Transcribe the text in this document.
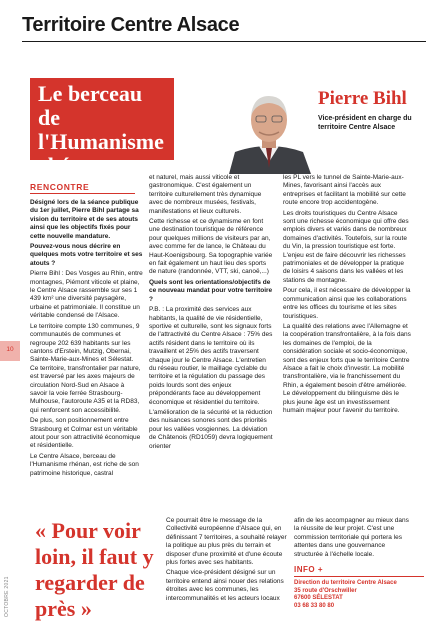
Territoire Centre Alsace
Le berceau
de l'Humanisme
rhénan
Pierre Bihl
Vice-président en charge du territoire Centre Alsace
RENCONTRE
10
OCTOBRE 2021

Désigné lors de la séance publique du 1er juillet, Pierre Bihl partage sa vision du territoire et de ses atouts ainsi que les objectifs fixés pour cette nouvelle mandature.

Pouvez-vous nous décrire en quelques mots votre territoire et ses atouts ?

Pierre Bihl : Des Vosges au Rhin, entre montagnes, Piémont viticole et plaine, le Centre Alsace rassemble sur ses 1 439 km² une diversité paysagère, urbaine et patrimoniale. Il constitue un véritable condensé de l'Alsace.

Le territoire compte 130 communes, 9 communautés de communes et regroupe 202 639 habitants sur les cantons d'Erstein, Mutzig, Obernai, Sainte-Marie-aux-Mines et Sélestat. Ce territoire, transfrontalier par nature, est traversé par les axes majeurs de circulation Nord-Sud en Alsace à savoir la voie ferrée Strasbourg-Mulhouse, l'autoroute A35 et la RD83, qui renforcent son accessibilité.

De plus, son positionnement entre Strasbourg et Colmar est un véritable atout pour son attractivité économique et résidentielle.

Le Centre Alsace, berceau de l'Humanisme rhénan, est riche de son patrimoine historique, castral

et naturel, mais aussi viticole et gastronomique. C'est également un territoire culturellement très dynamique avec de nombreux musées, festivals, manifestations et lieux culturels.

Cette richesse et ce dynamisme en font une destination touristique de référence pour quelques millions de visiteurs par an, avec comme fer de lance, le Château du Haut-Koenigsbourg. Sa topographie variée en fait également un haut lieu des sports de nature (randonnée, VTT, ski, canoë,...)

Quels sont les orientations/objectifs de ce nouveau mandat pour votre territoire ?

P.B. : La proximité des services aux habitants, la qualité de vie résidentielle, sportive et culturelle, sont les signaux forts de l'attractivité du Centre Alsace : 75% des actifs résident dans le territoire où ils travaillent et 25% des actifs traversent chaque jour le Centre Alsace. L'entretien du réseau routier, le maillage cyclable du territoire et la régulation du passage des poids lourds sont des enjeux prépondérants face au développement économique et résidentiel du territoire.

L'amélioration de la sécurité et la réduction des nuisances sonores sont des priorités pour les vallées vosgiennes. La déviation de Châtenois (RD1059) devra logiquement orienter

les PL vers le tunnel de Sainte-Marie-aux-Mines, favorisant ainsi l'accès aux entreprises et facilitant la mobilité sur cette route encore trop accidentogène.

Les droits touristiques du Centre Alsace sont une richesse économique qui offre des emplois divers et variés dans de nombreux domaines d'activités. Toutefois, sur la route du Vin, la pression touristique est forte. L'enjeu est de faire découvrir les richesses patrimoniales et de développer la pratique de loisirs 4 saisons dans les vallées et les stations de montagne.

Pour cela, il est nécessaire de développer la communication ainsi que les collaborations entre les offices du tourisme et les sites touristiques.

La qualité des relations avec l'Allemagne et la coopération transfrontalière, à la fois dans les domaines de l'emploi, de la considération sociale et socio-économique, sont des enjeux forts que le territoire Centre Alsace a fait le choix d'investir. La mobilité transfrontalière, via le franchissement du Rhin, a également besoin d'être améliorée. Le développement du bilinguisme dès le plus jeune âge est un investissement humain majeur pour l'avenir du territoire.

« Pour voir loin, il faut y regarder de près »

Ce pourrait être le message de la Collectivité européenne d'Alsace qui, en définissant 7 territoires, a souhaité relayer la politique au plus près du terrain et disposer d'une proximité et d'une écoute plus fortes avec ses habitants.

Chaque vice-président désigné sur un territoire entend ainsi nouer des relations étroites avec les communes, les intercommunalités et les acteurs locaux

afin de les accompagner au mieux dans la réussite de leur projet. C'est une commission territoriale qui portera les attentes dans une gouvernance structurée à l'échelle locale.

INFO +
Direction du territoire Centre Alsace
35 route d'Orschwiller
67600 SÉLESTAT
03 68 33 80 80
